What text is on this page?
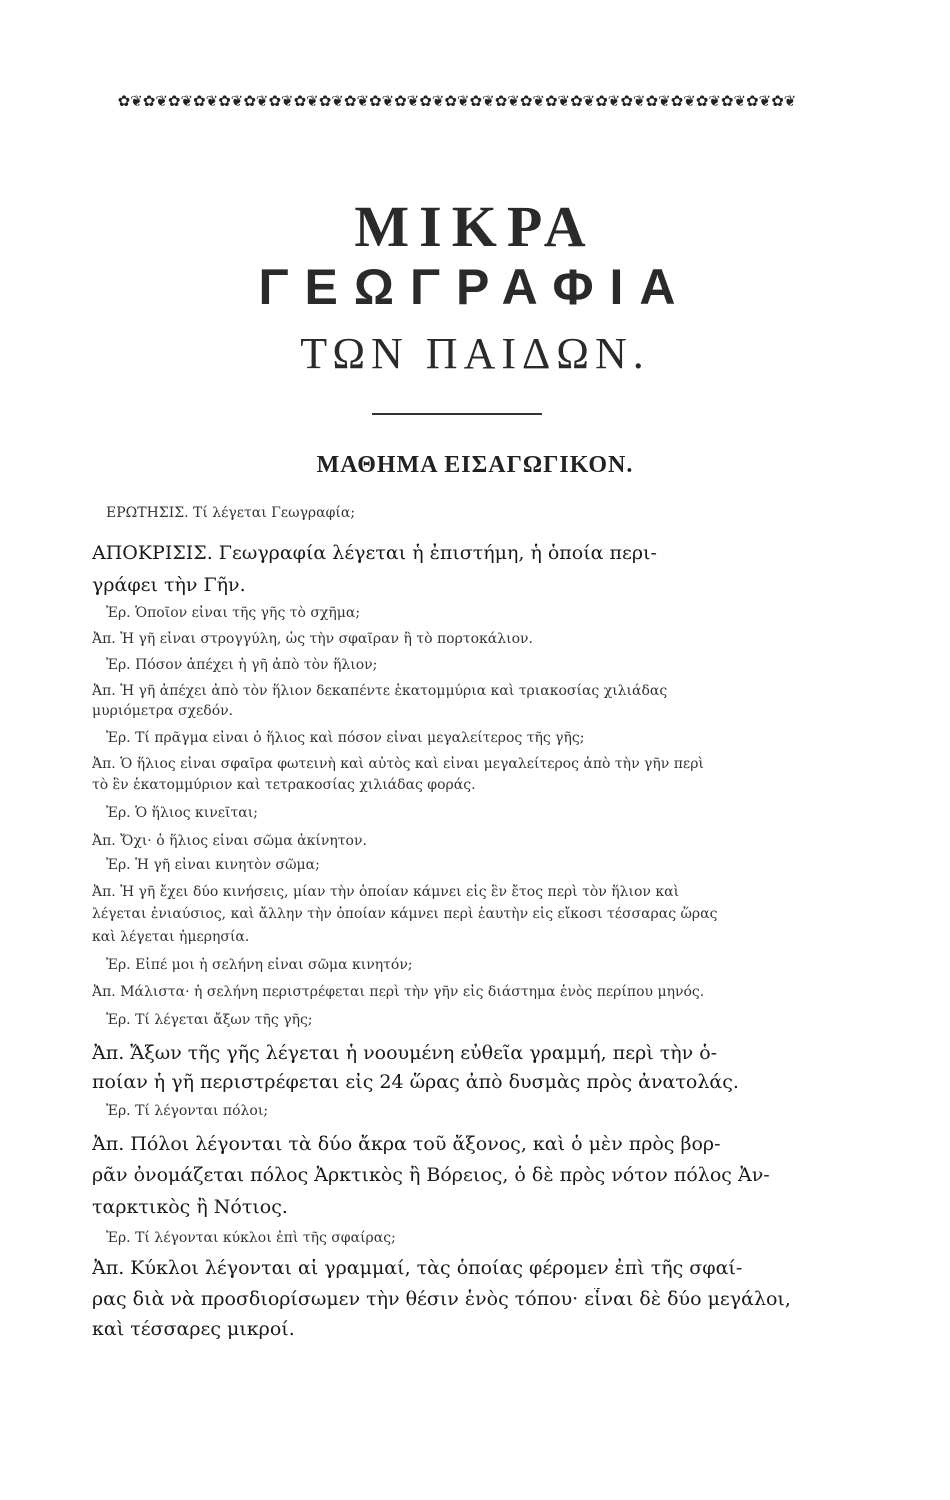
✿❦✿❦✿❦✿❦✿❦✿❦✿❦✿❦✿❦✿❦✿❦✿❦✿❦✿❦✿❦✿❦✿❦✿❦✿❦✿❦✿❦✿❦✿❦✿❦✿❦✿❦✿❦
ΜΙΚΡΑ
ΓΕΩΓΡΑΦΙΑ
ΤΩΝ ΠΑΙΔΩΝ.
ΜΑΘΗΜΑ ΕΙΣΑΓΩΓΙΚΟΝ.
ΕΡΩΤΗΣΙΣ. Τί λέγεται Γεωγραφία;
ΑΠΟΚΡΙΣΙΣ. Γεωγραφία λέγεται ἡ ἐπιστήμη, ἡ ὁποία περι-
γράφει τὴν Γῆν.
Ἐρ. Ὁποῖον εἶναι τῆς γῆς τὸ σχῆμα;
Ἀπ. Ἡ γῆ εἶναι στρογγύλη, ὡς τὴν σφαῖραν ἢ τὸ πορτοκάλιον.
Ἐρ. Πόσον ἀπέχει ἡ γῆ ἀπὸ τὸν ἥλιον;
Ἀπ. Ἡ γῆ ἀπέχει ἀπὸ τὸν ἥλιον δεκαπέντε ἑκατομμύρια καὶ τριακοσίας χιλιάδας
μυριόμετρα σχεδόν.
Ἐρ. Τί πρᾶγμα εἶναι ὁ ἥλιος καὶ πόσον εἶναι μεγαλείτερος τῆς γῆς;
Ἀπ. Ὁ ἥλιος εἶναι σφαῖρα φωτεινὴ καὶ αὐτὸς καὶ εἶναι μεγαλείτερος ἀπὸ τὴν γῆν περὶ
τὸ ἓν ἑκατομμύριον καὶ τετρακοσίας χιλιάδας φοράς.
Ἐρ. Ὁ ἥλιος κινεῖται;
Ἀπ. Ὄχι· ὁ ἥλιος εἶναι σῶμα ἀκίνητον.
Ἐρ. Ἡ γῆ εἶναι κινητὸν σῶμα;
Ἀπ. Ἡ γῆ ἔχει δύο κινήσεις, μίαν τὴν ὁποίαν κάμνει εἰς ἓν ἔτος περὶ τὸν ἥλιον καὶ
λέγεται ἐνιαύσιος, καὶ ἄλλην τὴν ὁποίαν κάμνει περὶ ἑαυτὴν εἰς εἴκοσι τέσσαρας ὥρας
καὶ λέγεται ἡμερησία.
Ἐρ. Εἰπέ μοι ἡ σελήνη εἶναι σῶμα κινητόν;
Ἀπ. Μάλιστα· ἡ σελήνη περιστρέφεται περὶ τὴν γῆν εἰς διάστημα ἑνὸς περίπου μηνός.
Ἐρ. Τί λέγεται ἄξων τῆς γῆς;
Ἀπ. Ἄξων τῆς γῆς λέγεται ἡ νοουμένη εὐθεῖα γραμμή, περὶ τὴν ὁ-
ποίαν ἡ γῆ περιστρέφεται εἰς 24 ὥρας ἀπὸ δυσμὰς πρὸς ἀνατολάς.
Ἐρ. Τί λέγονται πόλοι;
Ἀπ. Πόλοι λέγονται τὰ δύο ἄκρα τοῦ ἄξονος, καὶ ὁ μὲν πρὸς βορ-
ρᾶν ὀνομάζεται πόλος Ἀρκτικὸς ἢ Βόρειος, ὁ δὲ πρὸς νότον πόλος Ἀν-
ταρκτικὸς ἢ Νότιος.
Ἐρ. Τί λέγονται κύκλοι ἐπὶ τῆς σφαίρας;
Ἀπ. Κύκλοι λέγονται αἱ γραμμαί, τὰς ὁποίας φέρομεν ἐπὶ τῆς σφαί-
ρας διὰ νὰ προσδιορίσωμεν τὴν θέσιν ἑνὸς τόπου· εἶναι δὲ δύο μεγάλοι,
καὶ τέσσαρες μικροί.
